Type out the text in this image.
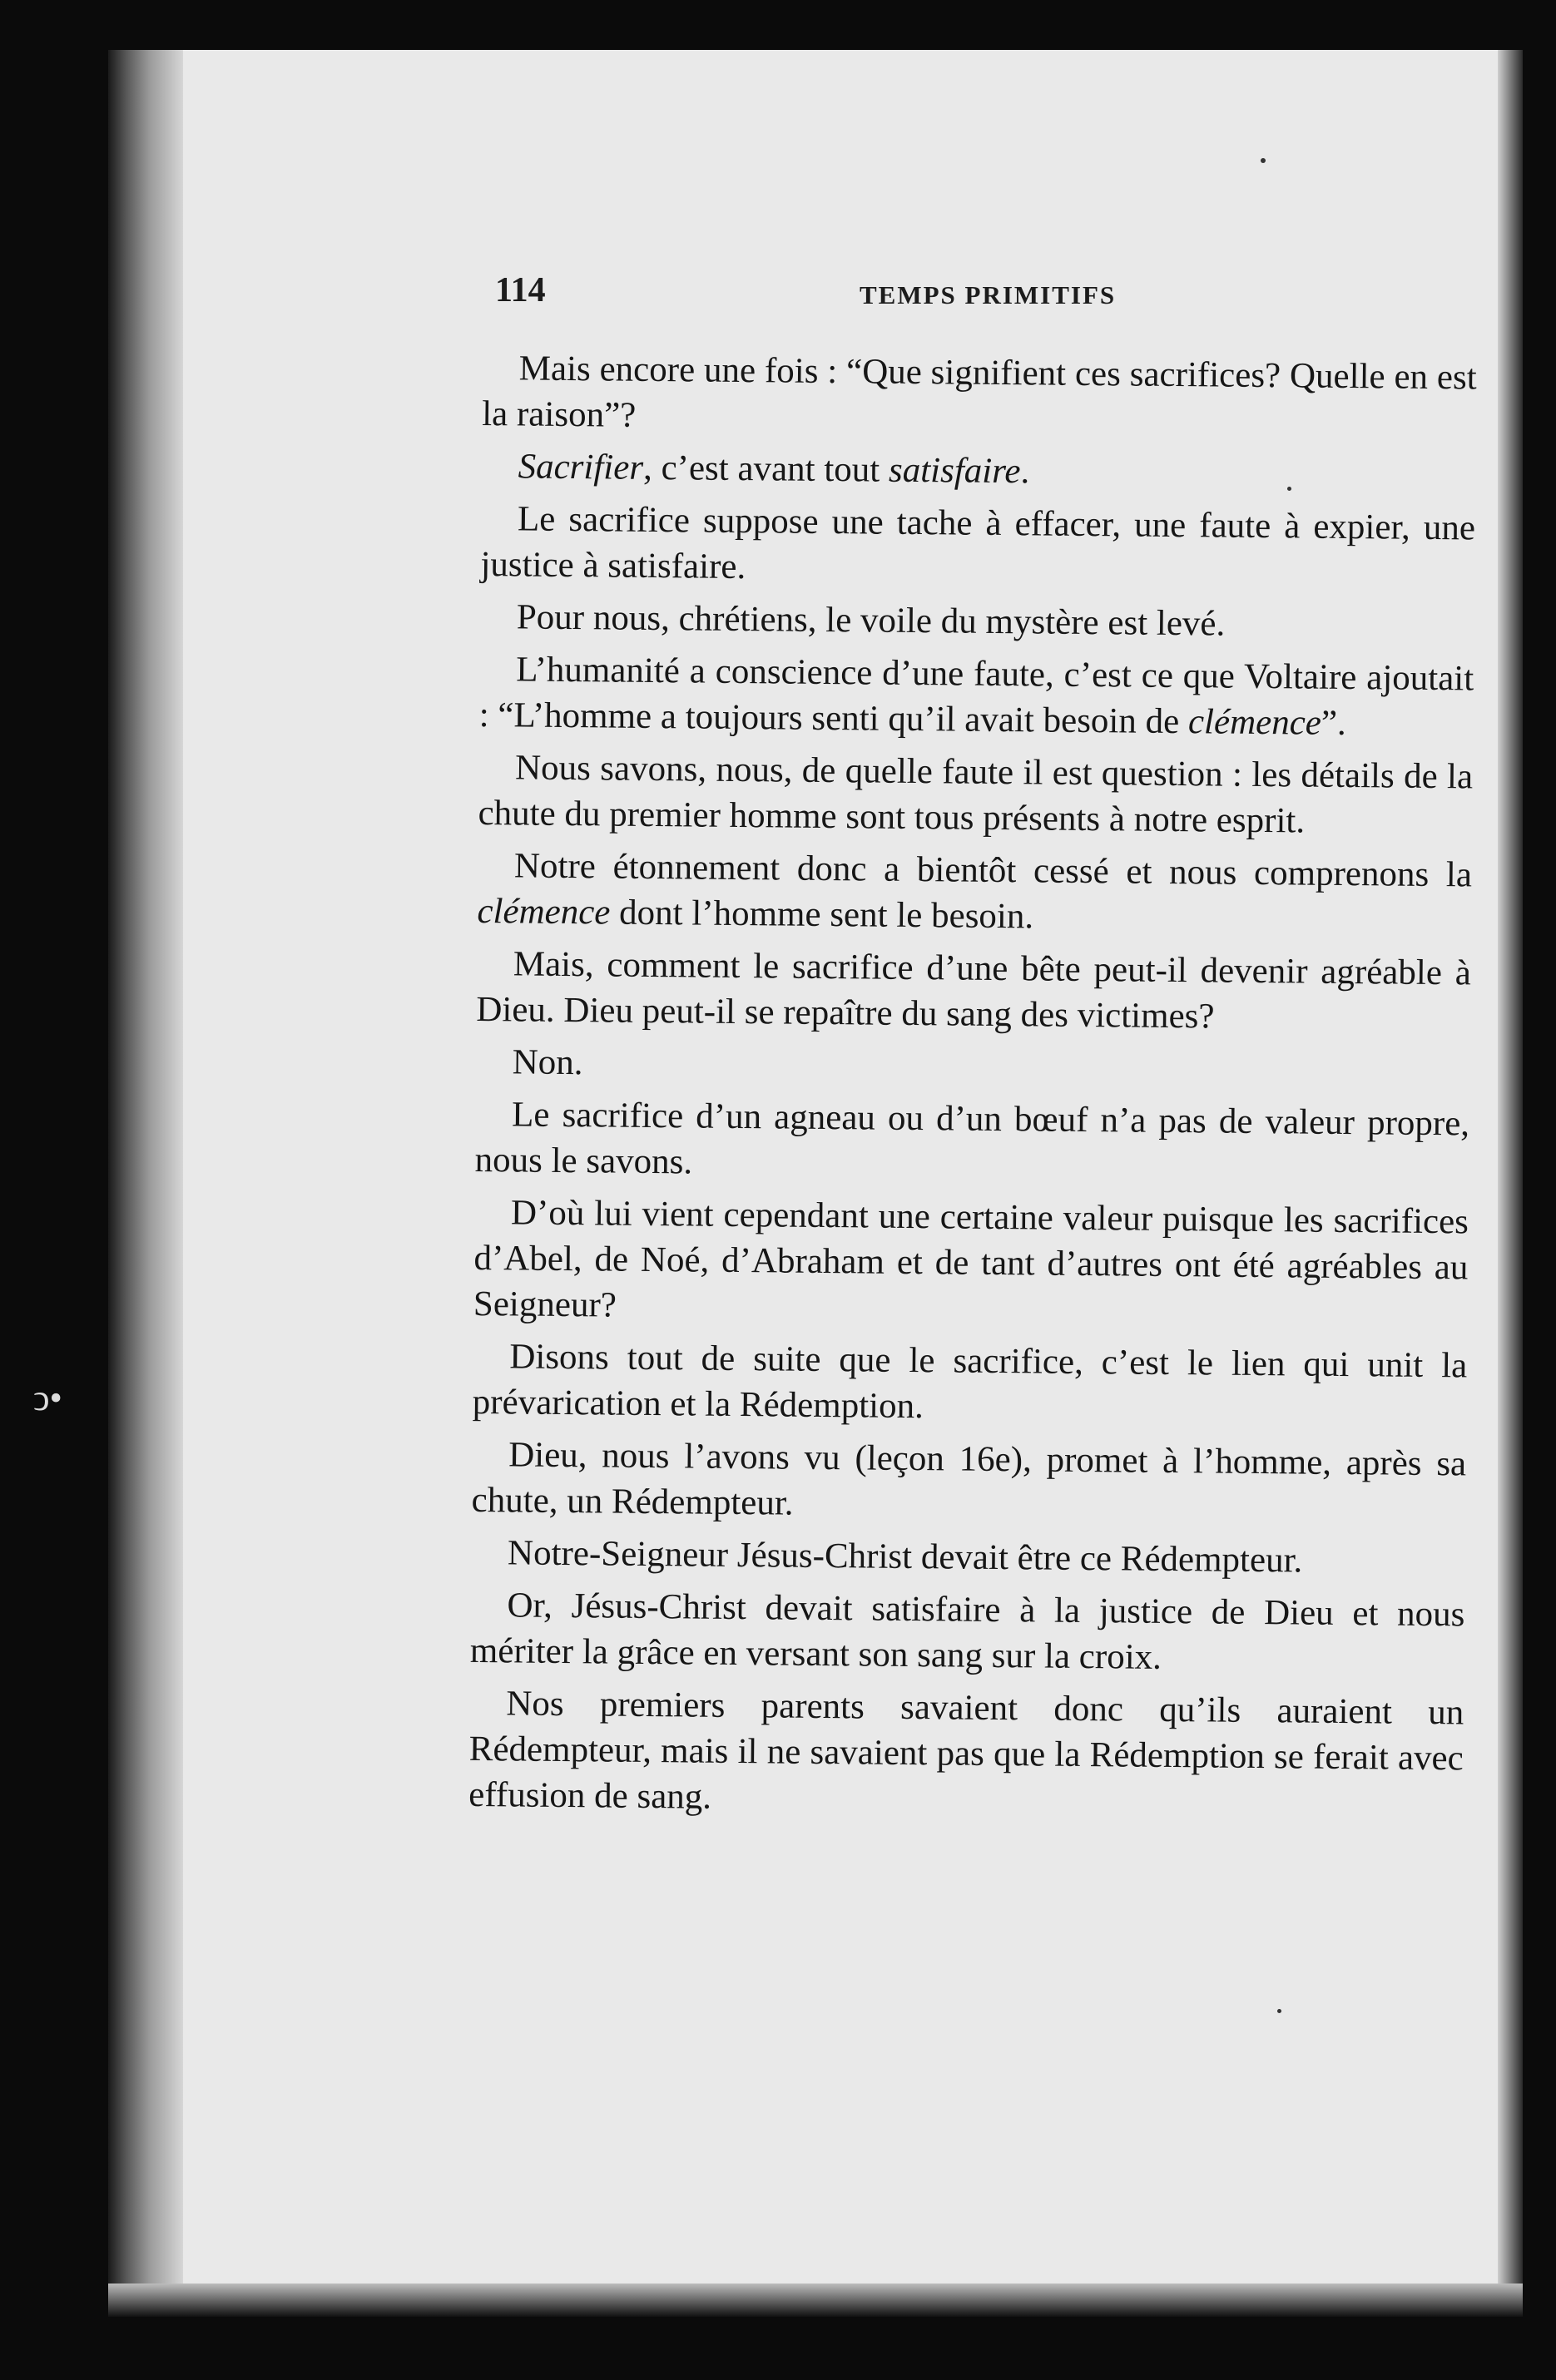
ↄ•
114	TEMPS PRIMITIFS

Mais encore une fois : “Que signifient ces sacrifices? Quelle en est la raison”?

Sacrifier, c’est avant tout satisfaire.

Le sacrifice suppose une tache à effacer, une faute à expier, une justice à satisfaire.

Pour nous, chrétiens, le voile du mystère est levé.

L’humanité a conscience d’une faute, c’est ce que Voltaire ajoutait : “L’homme a toujours senti qu’il avait besoin de clémence”.

Nous savons, nous, de quelle faute il est question : les détails de la chute du premier homme sont tous présents à notre esprit.

Notre étonnement donc a bientôt cessé et nous comprenons la clémence dont l’homme sent le besoin.

Mais, comment le sacrifice d’une bête peut-il devenir agréable à Dieu. Dieu peut-il se repaître du sang des victimes?

Non.

Le sacrifice d’un agneau ou d’un bœuf n’a pas de valeur propre, nous le savons.

D’où lui vient cependant une certaine valeur puisque les sacrifices d’Abel, de Noé, d’Abraham et de tant d’autres ont été agréables au Seigneur?

Disons tout de suite que le sacrifice, c’est le lien qui unit la prévarication et la Rédemption.

Dieu, nous l’avons vu (leçon 16e), promet à l’homme, après sa chute, un Rédempteur.

Notre-Seigneur Jésus-Christ devait être ce Rédempteur.

Or, Jésus-Christ devait satisfaire à la justice de Dieu et nous mériter la grâce en versant son sang sur la croix.

Nos premiers parents savaient donc qu’ils auraient un Rédempteur, mais il ne savaient pas que la Rédemption se ferait avec effusion de sang.
